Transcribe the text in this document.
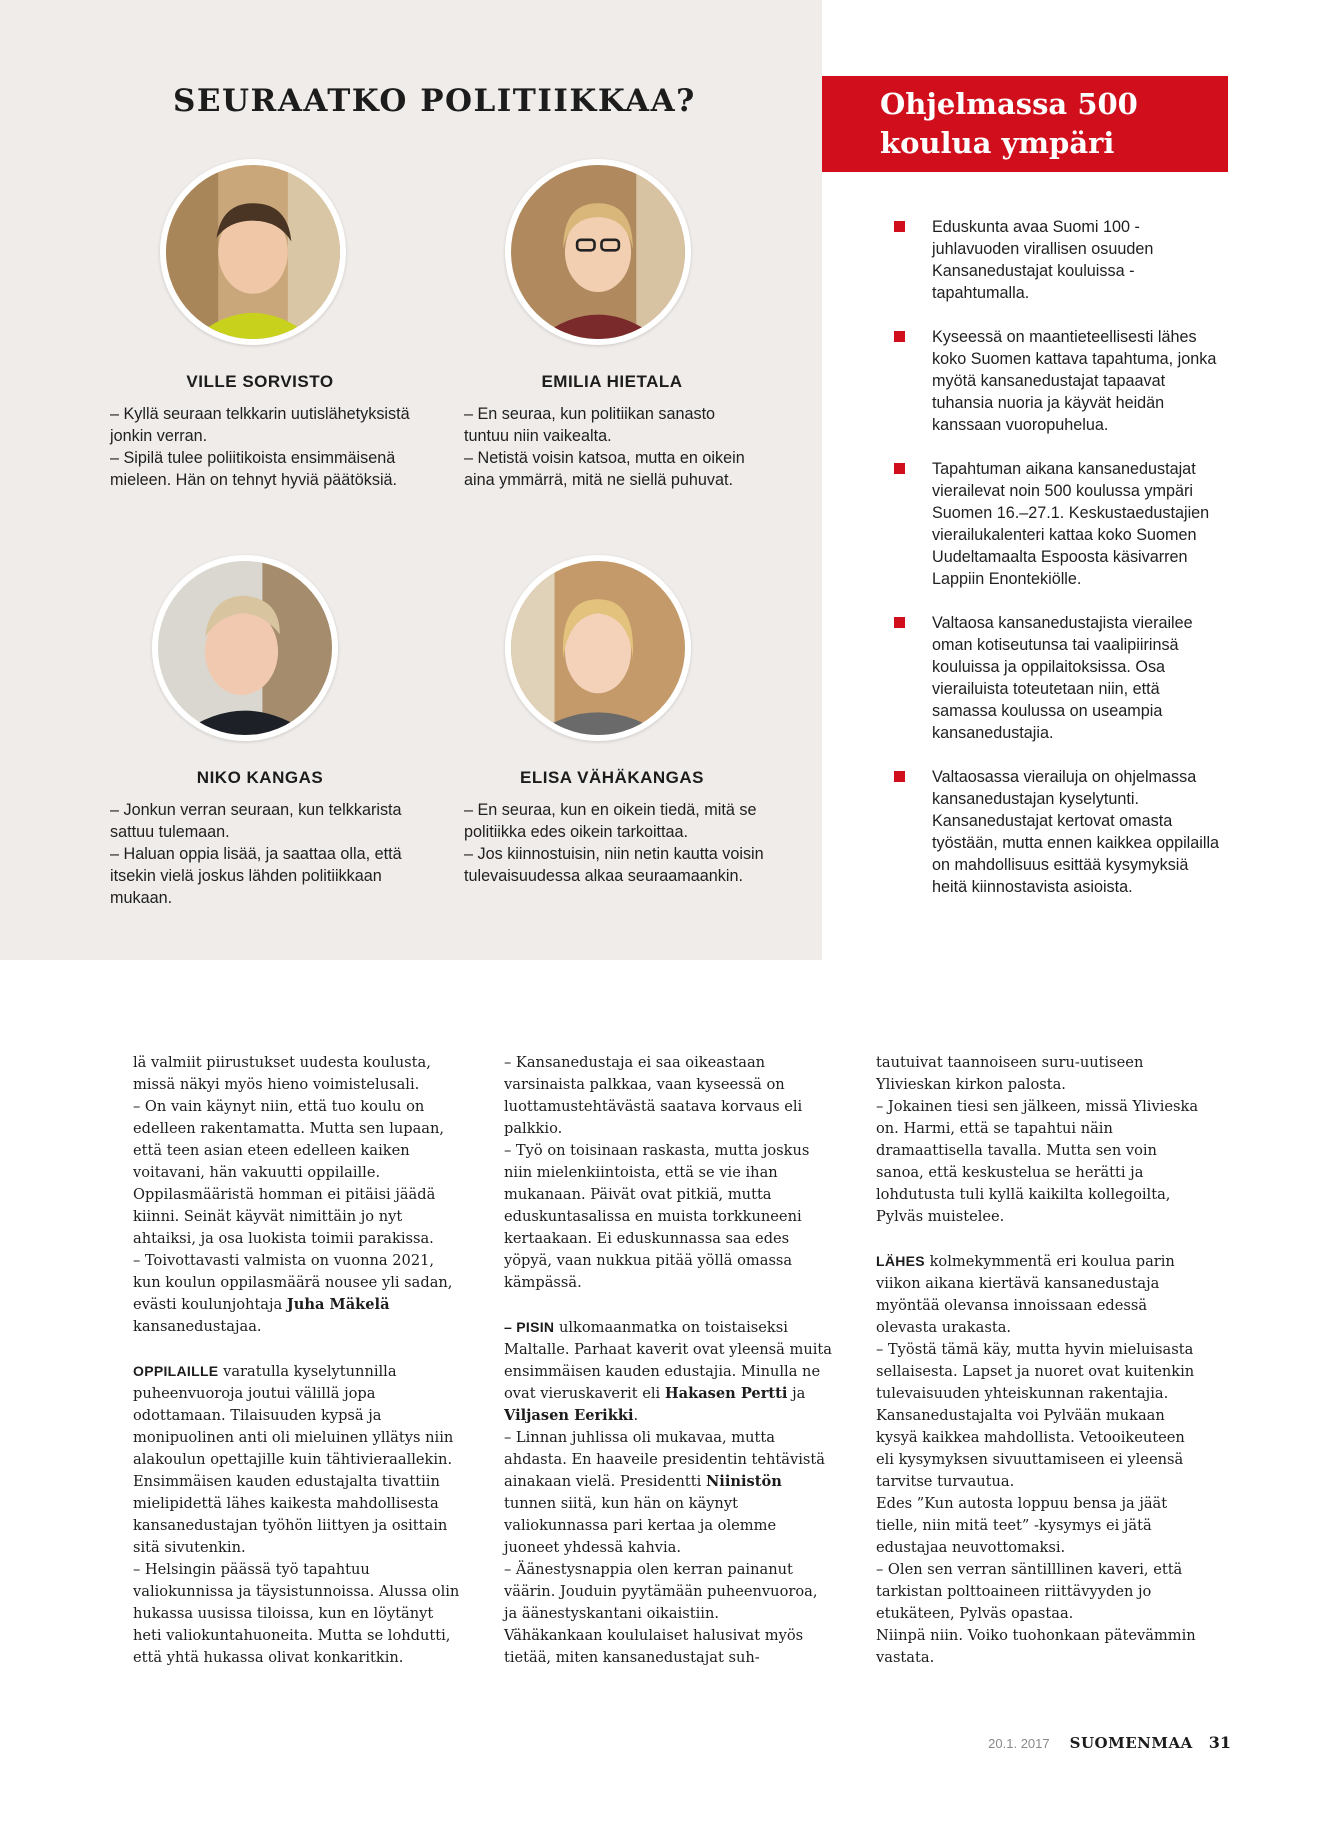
SEURAATKO POLITIIKKAA?	Ohjelmassa 500 koulua ympäri maata
VILLE SORVISTO

– Kyllä seuraan telkkarin uutislähetyksistä jonkin verran.

– Sipilä tulee poliitikoista ensimmäisenä mieleen. Hän on tehnyt hyviä päätöksiä.

EMILIA HIETALA

– En seuraa, kun politiikan sanasto tuntuu niin vaikealta.

– Netistä voisin katsoa, mutta en oikein aina ymmärrä, mitä ne siellä puhuvat.

NIKO KANGAS

– Jonkun verran seuraan, kun telkkarista sattuu tulemaan.

– Haluan oppia lisää, ja saattaa olla, että itsekin vielä joskus lähden politiikkaan mukaan.

ELISA VÄHÄKANGAS

– En seuraa, kun en oikein tiedä, mitä se politiikka edes oikein tarkoittaa.

– Jos kiinnostuisin, niin netin kautta voisin tulevaisuudessa alkaa seuraamaankin.

Eduskunta avaa Suomi 100 -juhlavuoden virallisen osuuden Kansanedustajat kouluissa -tapahtumalla.
Kyseessä on maantieteellisesti lähes koko Suomen kattava tapahtuma, jonka myötä kansanedustajat tapaavat tuhansia nuoria ja käyvät heidän kanssaan vuoropuhelua.
Tapahtuman aikana kansanedustajat vierailevat noin 500 koulussa ympäri Suomen 16.–27.1. Keskustaedustajien vierailukalenteri kattaa koko Suomen Uudeltamaalta Espoosta käsivarren Lappiin Enontekiölle.
Valtaosa kansanedustajista vierailee oman kotiseutunsa tai vaalipiirinsä kouluissa ja oppilaitoksissa. Osa vierailuista toteutetaan niin, että samassa koulussa on useampia kansanedustajia.
Valtaosassa vierailuja on ohjelmassa kansanedustajan kyselytunti. Kansanedustajat kertovat omasta työstään, mutta ennen kaikkea oppilailla on mahdollisuus esittää kysymyksiä heitä kiinnostavista asioista.

lä valmiit piirustukset uudesta koulusta, missä näkyi myös hieno voimistelusali.

– On vain käynyt niin, että tuo koulu on edelleen rakentamatta. Mutta sen lupaan, että teen asian eteen edelleen kaiken voitavani, hän vakuutti oppilaille.

Oppilasmääristä homman ei pitäisi jäädä kiinni. Seinät käyvät nimittäin jo nyt ahtaiksi, ja osa luokista toimii parakissa.

– Toivottavasti valmista on vuonna 2021, kun koulun oppilasmäärä nousee yli sadan, evästi koulunjohtaja Juha Mäkelä kansanedustajaa.

OPPILAILLE varatulla kyselytunnilla puheenvuoroja joutui välillä jopa odottamaan. Tilaisuuden kypsä ja monipuolinen anti oli mieluinen yllätys niin alakoulun opettajille kuin tähtivieraallekin.

Ensimmäisen kauden edustajalta tivattiin mielipidettä lähes kaikesta mahdollisesta kansanedustajan työhön liittyen ja osittain sitä sivutenkin.

– Helsingin päässä työ tapahtuu valiokunnissa ja täysistunnoissa. Alussa olin hukassa uusissa tiloissa, kun en löytänyt heti valiokuntahuoneita. Mutta se lohdutti, että yhtä hukassa olivat konkaritkin.

– Kansanedustaja ei saa oikeastaan varsinaista palkkaa, vaan kyseessä on luottamustehtävästä saatava korvaus eli palkkio.

– Työ on toisinaan raskasta, mutta joskus niin mielenkiintoista, että se vie ihan mukanaan. Päivät ovat pitkiä, mutta eduskuntasalissa en muista torkkuneeni kertaakaan. Ei eduskunnassa saa edes yöpyä, vaan nukkua pitää yöllä omassa kämpässä.

– PISIN ulkomaanmatka on toistaiseksi Maltalle. Parhaat kaverit ovat yleensä muita ensimmäisen kauden edustajia. Minulla ne ovat vieruskaverit eli Hakasen Pertti ja Viljasen Eerikki.

– Linnan juhlissa oli mukavaa, mutta ahdasta. En haaveile presidentin tehtävistä ainakaan vielä. Presidentti Niinistön tunnen siitä, kun hän on käynyt valiokunnassa pari kertaa ja olemme juoneet yhdessä kahvia.

– Äänestysnappia olen kerran painanut väärin. Jouduin pyytämään puheenvuoroa, ja äänestyskantani oikaistiin.

Vähäkankaan koululaiset halusivat myös tietää, miten kansanedustajat suh-

tautuivat taannoiseen suru-uutiseen Ylivieskan kirkon palosta.

– Jokainen tiesi sen jälkeen, missä Ylivieska on. Harmi, että se tapahtui näin dramaattisella tavalla. Mutta sen voin sanoa, että keskustelua se herätti ja lohdutusta tuli kyllä kaikilta kollegoilta, Pylväs muistelee.

LÄHES kolmekymmentä eri koulua parin viikon aikana kiertävä kansanedustaja myöntää olevansa innoissaan edessä olevasta urakasta.

– Työstä tämä käy, mutta hyvin mieluisasta sellaisesta. Lapset ja nuoret ovat kuitenkin tulevaisuuden yhteiskunnan rakentajia.

Kansanedustajalta voi Pylvään mukaan kysyä kaikkea mahdollista. Vetooikeuteen eli kysymyksen sivuuttamiseen ei yleensä tarvitse turvautua.

Edes ”Kun autosta loppuu bensa ja jäät tielle, niin mitä teet” -kysymys ei jätä edustajaa neuvottomaksi.

– Olen sen verran säntilllinen kaveri, että tarkistan polttoaineen riittävyyden jo etukäteen, Pylväs opastaa.

Niinpä niin. Voiko tuohonkaan pätevämmin vastata.

20.1. 2017 SUOMENMAA 31
